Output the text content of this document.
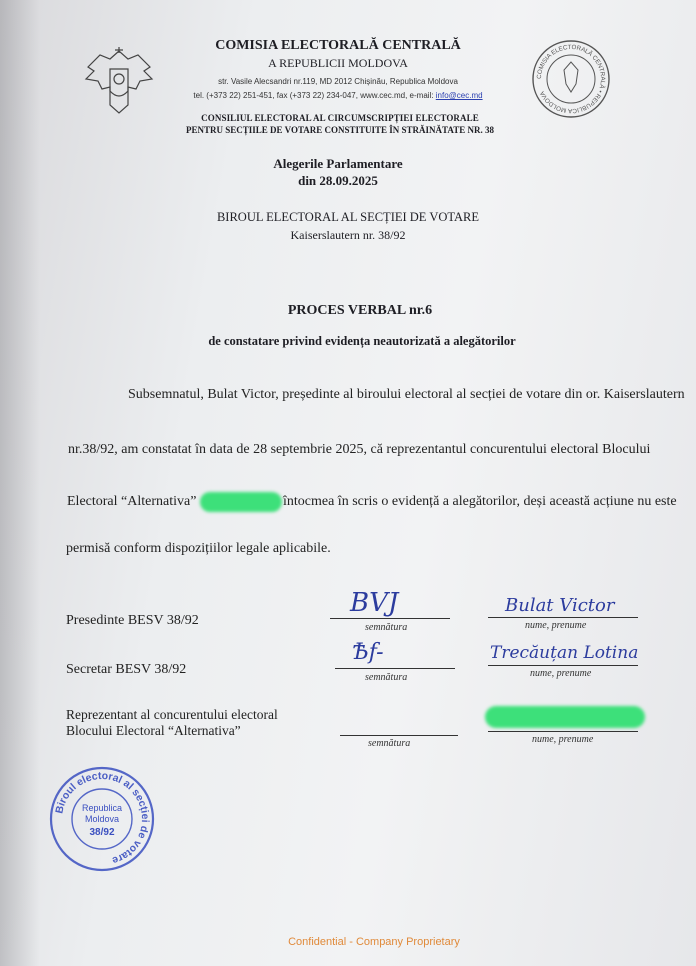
COMISIA ELECTORALĂ CENTRALĂ • REPUBLICA MOLDOVA
COMISIA ELECTORALĂ CENTRALĂ
A REPUBLICII MOLDOVA
str. Vasile Alecsandri nr.119, MD 2012 Chișinău, Republica Moldova
tel. (+373 22) 251-451, fax (+373 22) 234-047, www.cec.md, e-mail: info@cec.md
CONSILIUL ELECTORAL AL CIRCUMSCRIPȚIEI ELECTORALE
PENTRU SECȚIILE DE VOTARE CONSTITUITE ÎN STRĂINĂTATE NR. 38
Alegerile Parlamentare
din 28.09.2025
BIROUL ELECTORAL AL SECȚIEI DE VOTARE
Kaiserslautern nr. 38/92
PROCES VERBAL nr.6
de constatare privind evidența neautorizată a alegătorilor
Subsemnatul, Bulat Victor, președinte al biroului electoral al secției de votare din or. Kaiserslautern
nr.38/92, am constatat în data de 28 septembrie 2025, că reprezentantul concurentului electoral Blocului
Electoral “Alternativa”	întocmea în scris o evidență a alegătorilor, deși această acțiune nu este
permisă conform dispozițiilor legale aplicabile.
Presedinte BESV 38/92
BVJ
semnătura
Bulat Victor
nume, prenume
Secretar BESV 38/92
Ѣf-
semnătura
Trecăuțan Lotina
nume, prenume
Reprezentant al concurentului electoral
Blocului Electoral “Alternativa”
semnătura	nume, prenume
Biroul electoral al secției de votare
Republica
Moldova
38/92
Confidential - Company Proprietary
